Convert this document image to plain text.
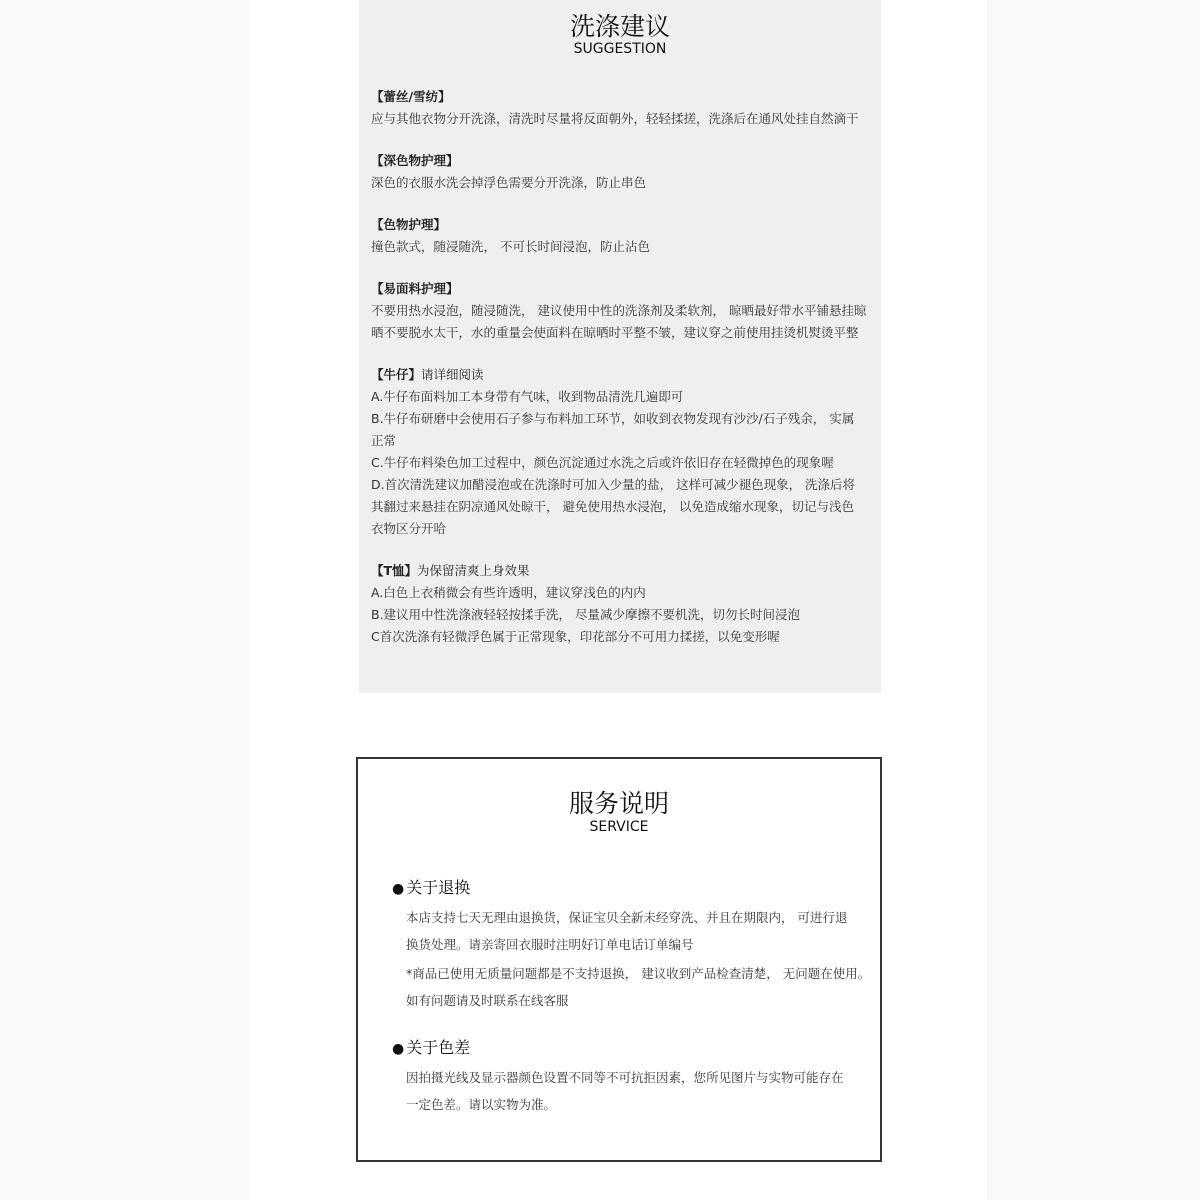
洗涤建议
SUGGESTION

【蕾丝/雪纺】

应与其他衣物分开洗涤，清洗时尽量将反面朝外，轻轻揉搓，洗涤后在通风处挂自然滴干

【深色物护理】

深色的衣服水洗会掉浮色需要分开洗涤，防止串色

【色物护理】

撞色款式，随浸随洗， 不可长时间浸泡，防止沾色

【易面料护理】

不要用热水浸泡，随浸随洗， 建议使用中性的洗涤剂及柔软剂， 晾晒最好带水平铺悬挂晾

晒不要脱水太干，水的重量会使面料在晾晒时平整不皱，建议穿之前使用挂烫机熨烫平整

【牛仔】请详细阅读

A.牛仔布面料加工本身带有气味，收到物品清洗几遍即可

B.牛仔布研磨中会使用石子参与布料加工环节，如收到衣物发现有沙沙/石子残余， 实属

正常

C.牛仔布料染色加工过程中，颜色沉淀通过水洗之后或许依旧存在轻微掉色的现象喔

D.首次清洗建议加醋浸泡或在洗涤时可加入少量的盐， 这样可减少褪色现象， 洗涤后将

其翻过来悬挂在阴凉通风处晾干， 避免使用热水浸泡， 以免造成缩水现象，切记与浅色

衣物区分开哈

【T恤】为保留清爽上身效果

A.白色上衣稍微会有些许透明，建议穿浅色的内内

B.建议用中性洗涤液轻轻按揉手洗， 尽量减少摩擦不要机洗，切勿长时间浸泡

C首次洗涤有轻微浮色属于正常现象，印花部分不可用力揉搓，以免变形喔

服务说明
SERVICE
● 关于退换

本店支持七天无理由退换货，保证宝贝全新未经穿洗、并且在期限内， 可进行退

换货处理。请亲寄回衣服时注明好订单电话订单编号

*商品已使用无质量问题都是不支持退换， 建议收到产品检查清楚， 无问题在使用。

如有问题请及时联系在线客服

● 关于色差

因拍摄光线及显示器颜色设置不同等不可抗拒因素，您所见图片与实物可能存在

一定色差。请以实物为准。
